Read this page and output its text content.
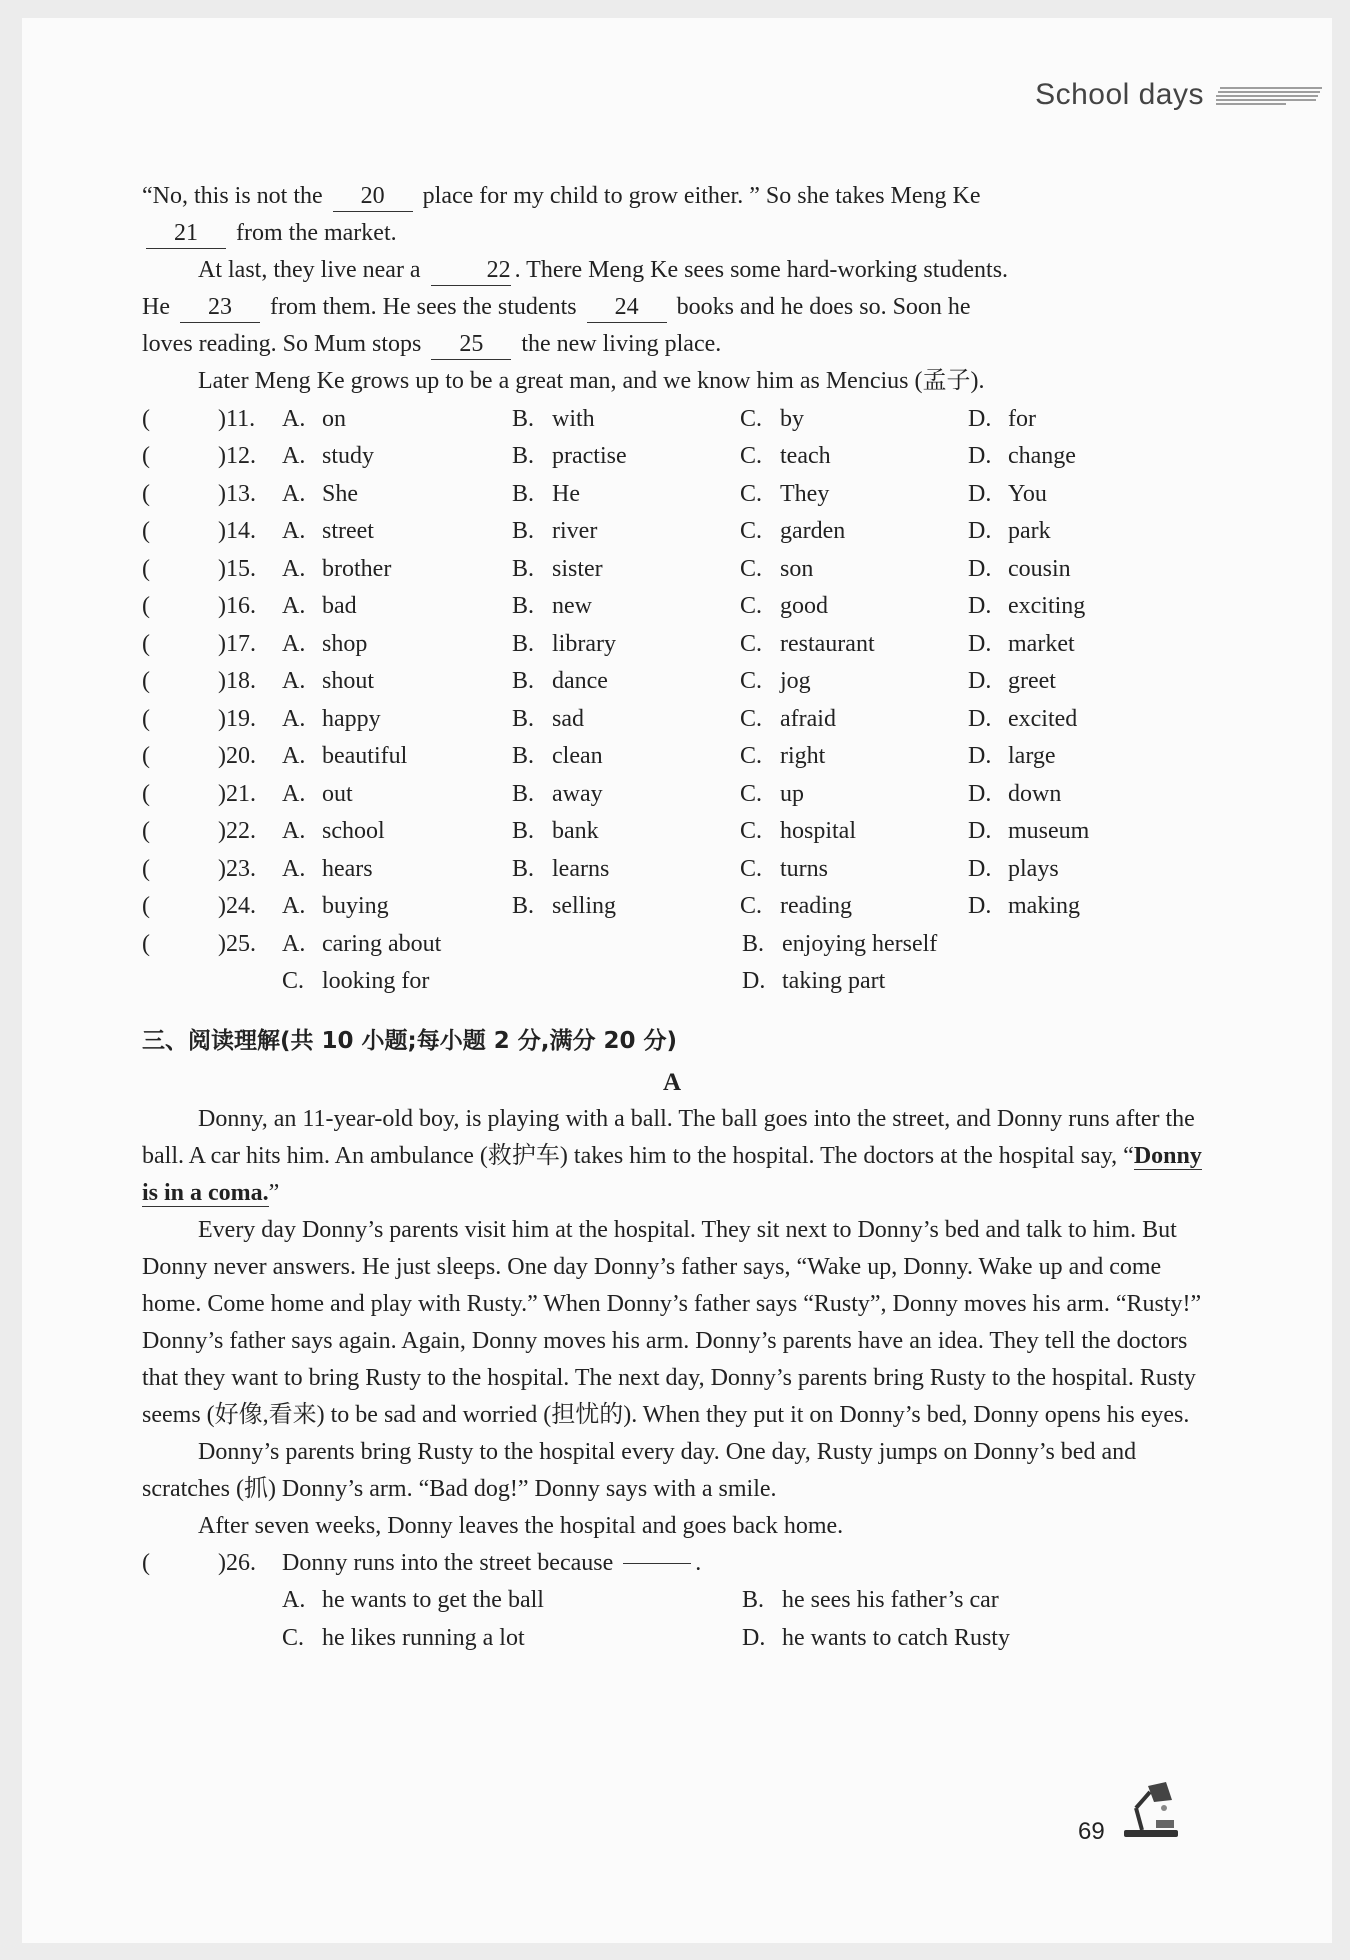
School days

“No, this is not the 20 place for my child to grow either. ” So she takes Meng Ke

21 from the market.

At last, they live near a	22 . There Meng Ke sees some hard-working students.

He 23 from them. He sees the students 24 books and he does so. Soon he

loves reading. So Mum stops 25 the new living place.

Later Meng Ke grows up to be a great man, and we know him as Mencius (孟子).

(	)11.	A. on	B. with	C. by	D. for
(	)12.	A. study	B. practise	C. teach	D. change
(	)13.	A. She	B. He	C. They	D. You
(	)14.	A. street	B. river	C. garden	D. park
(	)15.	A. brother	B. sister	C. son	D. cousin
(	)16.	A. bad	B. new	C. good	D. exciting
(	)17.	A. shop	B. library	C. restaurant	D. market
(	)18.	A. shout	B. dance	C. jog	D. greet
(	)19.	A. happy	B. sad	C. afraid	D. excited
(	)20.	A. beautiful	B. clean	C. right	D. large
(	)21.	A. out	B. away	C. up	D. down
(	)22.	A. school	B. bank	C. hospital	D. museum
(	)23.	A. hears	B. learns	C. turns	D. plays
(	)24.	A. buying	B. selling	C. reading	D. making
(	)25.	A. caring about	B. enjoying herself
C. looking for	D. taking part
三、阅读理解(共 10 小题;每小题 2 分,满分 20 分)
A

Donny, an 11-year-old boy, is playing with a ball. The ball goes into the street, and Donny runs after the ball. A car hits him. An ambulance (救护车) takes him to the hospital. The doctors at the hospital say, “Donny is in a coma.”

Every day Donny’s parents visit him at the hospital. They sit next to Donny’s bed and talk to him. But Donny never answers. He just sleeps. One day Donny’s father says, “Wake up, Donny. Wake up and come home. Come home and play with Rusty.” When Donny’s father says “Rusty”, Donny moves his arm. “Rusty!” Donny’s father says again. Again, Donny moves his arm. Donny’s parents have an idea. They tell the doctors that they want to bring Rusty to the hospital. The next day, Donny’s parents bring Rusty to the hospital. Rusty seems (好像,看来) to be sad and worried (担忧的). When they put it on Donny’s bed, Donny opens his eyes.

Donny’s parents bring Rusty to the hospital every day. One day, Rusty jumps on Donny’s bed and scratches (抓) Donny’s arm. “Bad dog!” Donny says with a smile.

After seven weeks, Donny leaves the hospital and goes back home.

(	)26.	Donny runs into the street because	.
A. he wants to get the ball	B. he sees his father’s car
C. he likes running a lot	D. he wants to catch Rusty
69
